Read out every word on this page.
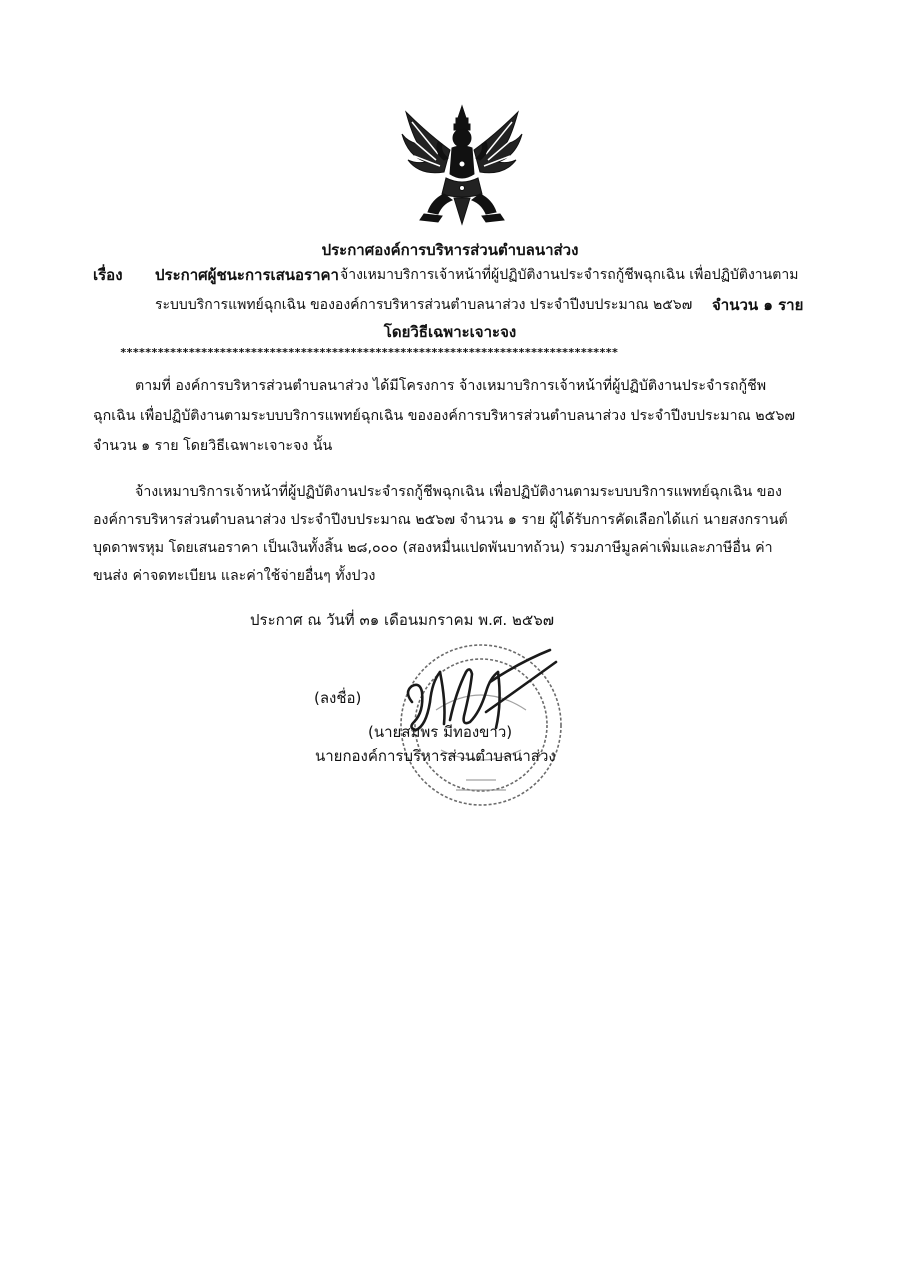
ประกาศองค์การบริหารส่วนตำบลนาส่วง
เรื่อง ประกาศผู้ชนะการเสนอราคา จ้างเหมาบริการเจ้าหน้าที่ผู้ปฏิบัติงานประจำรถกู้ชีพฉุกเฉิน เพื่อปฏิบัติงานตาม
ระบบบริการแพทย์ฉุกเฉิน ขององค์การบริหารส่วนตำบลนาส่วง ประจำปีงบประมาณ ๒๕๖๗ จำนวน ๑ ราย
โดยวิธีเฉพาะเจาะจง
********************************************************************************
ตามที่ องค์การบริหารส่วนตำบลนาส่วง ได้มีโครงการ จ้างเหมาบริการเจ้าหน้าที่ผู้ปฏิบัติงานประจำรถกู้ชีพ
ฉุกเฉิน เพื่อปฏิบัติงานตามระบบบริการแพทย์ฉุกเฉิน ขององค์การบริหารส่วนตำบลนาส่วง ประจำปีงบประมาณ ๒๕๖๗
จำนวน ๑ ราย โดยวิธีเฉพาะเจาะจง นั้น
จ้างเหมาบริการเจ้าหน้าที่ผู้ปฏิบัติงานประจำรถกู้ชีพฉุกเฉิน เพื่อปฏิบัติงานตามระบบบริการแพทย์ฉุกเฉิน ของ
องค์การบริหารส่วนตำบลนาส่วง ประจำปีงบประมาณ ๒๕๖๗ จำนวน ๑ ราย ผู้ได้รับการคัดเลือกได้แก่ นายสงกรานต์
บุดดาพรหุม โดยเสนอราคา เป็นเงินทั้งสิ้น ๒๘,๐๐๐ (สองหมื่นแปดพันบาทถ้วน) รวมภาษีมูลค่าเพิ่มและภาษีอื่น ค่า
ขนส่ง ค่าจดทะเบียน และค่าใช้จ่ายอื่นๆ ทั้งปวง
ประกาศ ณ วันที่ ๓๑ เดือนมกราคม พ.ศ. ๒๕๖๗
(ลงชื่อ)
(นายสมพร มีทองขาว)
นายกองค์การบริหารส่วนตำบลนาส่วง
